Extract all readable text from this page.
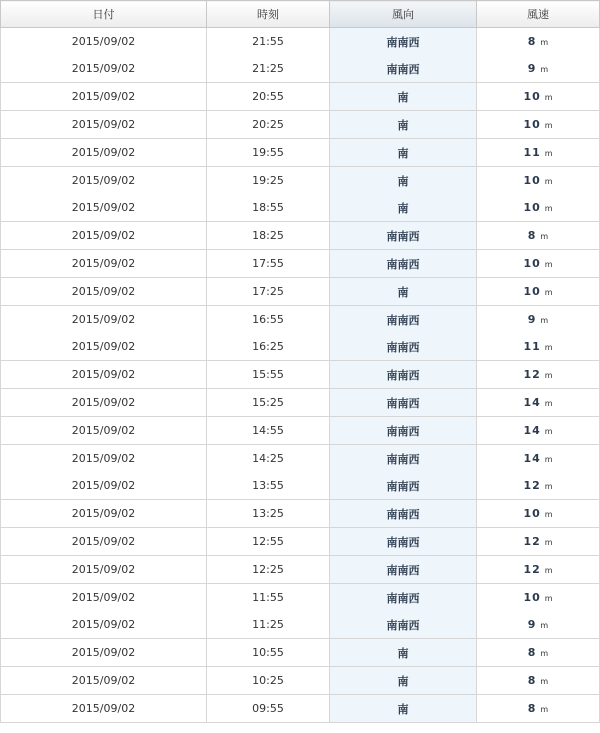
日付	時刻	風向	風速
2015/09/02	21:55	南南西	8 m
2015/09/02	21:25	南南西	9 m
2015/09/02	20:55	南	10 m
2015/09/02	20:25	南	10 m
2015/09/02	19:55	南	11 m
2015/09/02	19:25	南	10 m
2015/09/02	18:55	南	10 m
2015/09/02	18:25	南南西	8 m
2015/09/02	17:55	南南西	10 m
2015/09/02	17:25	南	10 m
2015/09/02	16:55	南南西	9 m
2015/09/02	16:25	南南西	11 m
2015/09/02	15:55	南南西	12 m
2015/09/02	15:25	南南西	14 m
2015/09/02	14:55	南南西	14 m
2015/09/02	14:25	南南西	14 m
2015/09/02	13:55	南南西	12 m
2015/09/02	13:25	南南西	10 m
2015/09/02	12:55	南南西	12 m
2015/09/02	12:25	南南西	12 m
2015/09/02	11:55	南南西	10 m
2015/09/02	11:25	南南西	9 m
2015/09/02	10:55	南	8 m
2015/09/02	10:25	南	8 m
2015/09/02	09:55	南	8 m
